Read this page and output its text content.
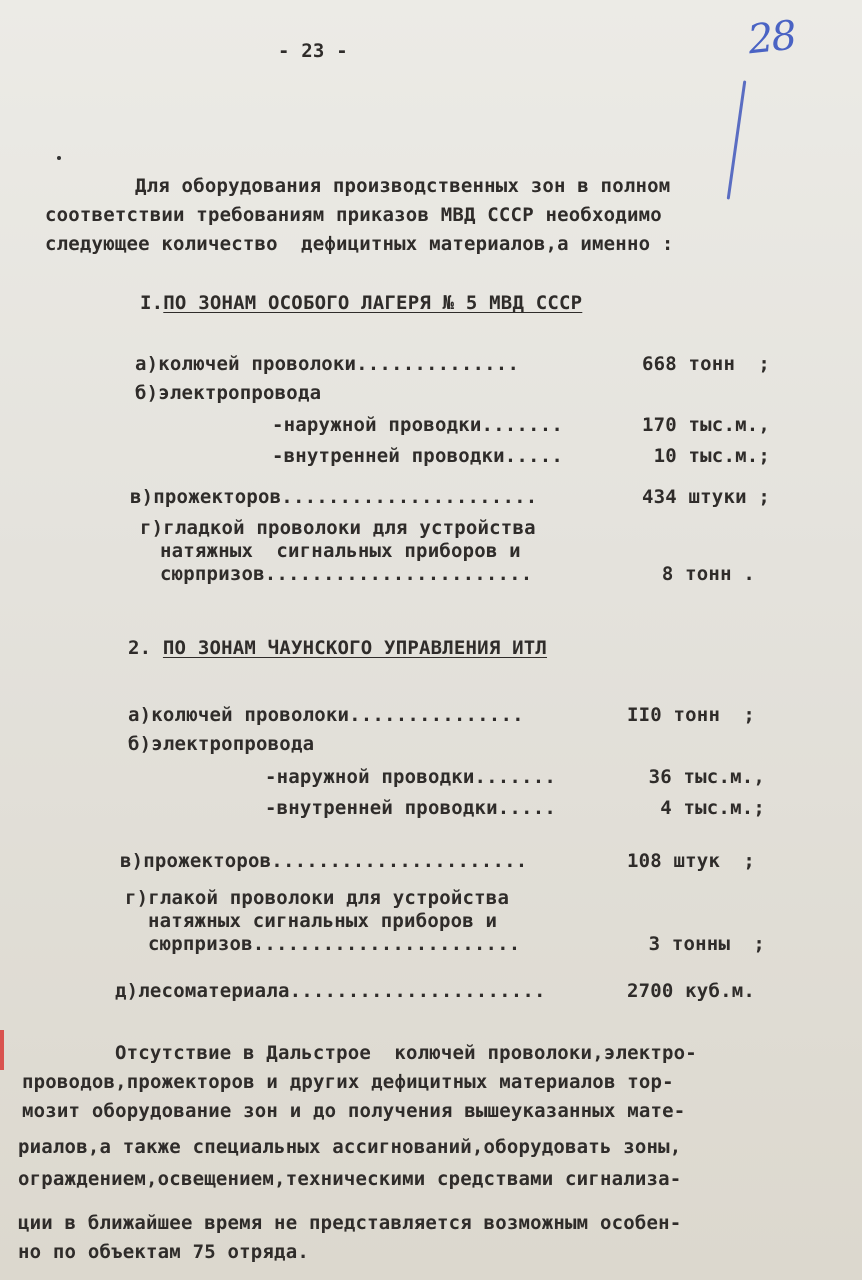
- 23 -	28
Для оборудования производственных зон в полном
соответствии требованиям приказов МВД СССР необходимо
следующее количество  дефицитных материалов,а именно :
I.ПО ЗОНАМ ОСОБОГО ЛАГЕРЯ № 5 МВД СССР
а)колючей проволоки..............	668 тонн  ;
б)электропровода
-наружной проводки.......	170 тыс.м.,
-внутренней проводки.....	10 тыс.м.;
в)прожекторов......................	434 штуки ;
г)гладкой проволоки для устройства
натяжных  сигнальных приборов и
сюрпризов.......................	8 тонн .
2. ПО ЗОНАМ ЧАУНСКОГО УПРАВЛЕНИЯ ИТЛ
а)колючей проволоки...............	II0 тонн  ;
б)электропровода
-наружной проводки.......	36 тыс.м.,
-внутренней проводки.....	4 тыс.м.;
в)прожекторов......................	108 штук  ;
г)глакой проволоки для устройства
натяжных сигнальных приборов и
сюрпризов.......................	3 тонны  ;
д)лесоматериала......................	2700 куб.м.
Отсутствие в Дальстрое  колючей проволоки,электро-
проводов,прожекторов и других дефицитных материалов тор-
мозит оборудование зон и до получения вышеуказанных мате-
риалов,а также специальных ассигнований,оборудовать зоны,
ограждением,освещением,техническими средствами сигнализа-
ции в ближайшее время не представляется возможным особен-
но по объектам 75 отряда.
